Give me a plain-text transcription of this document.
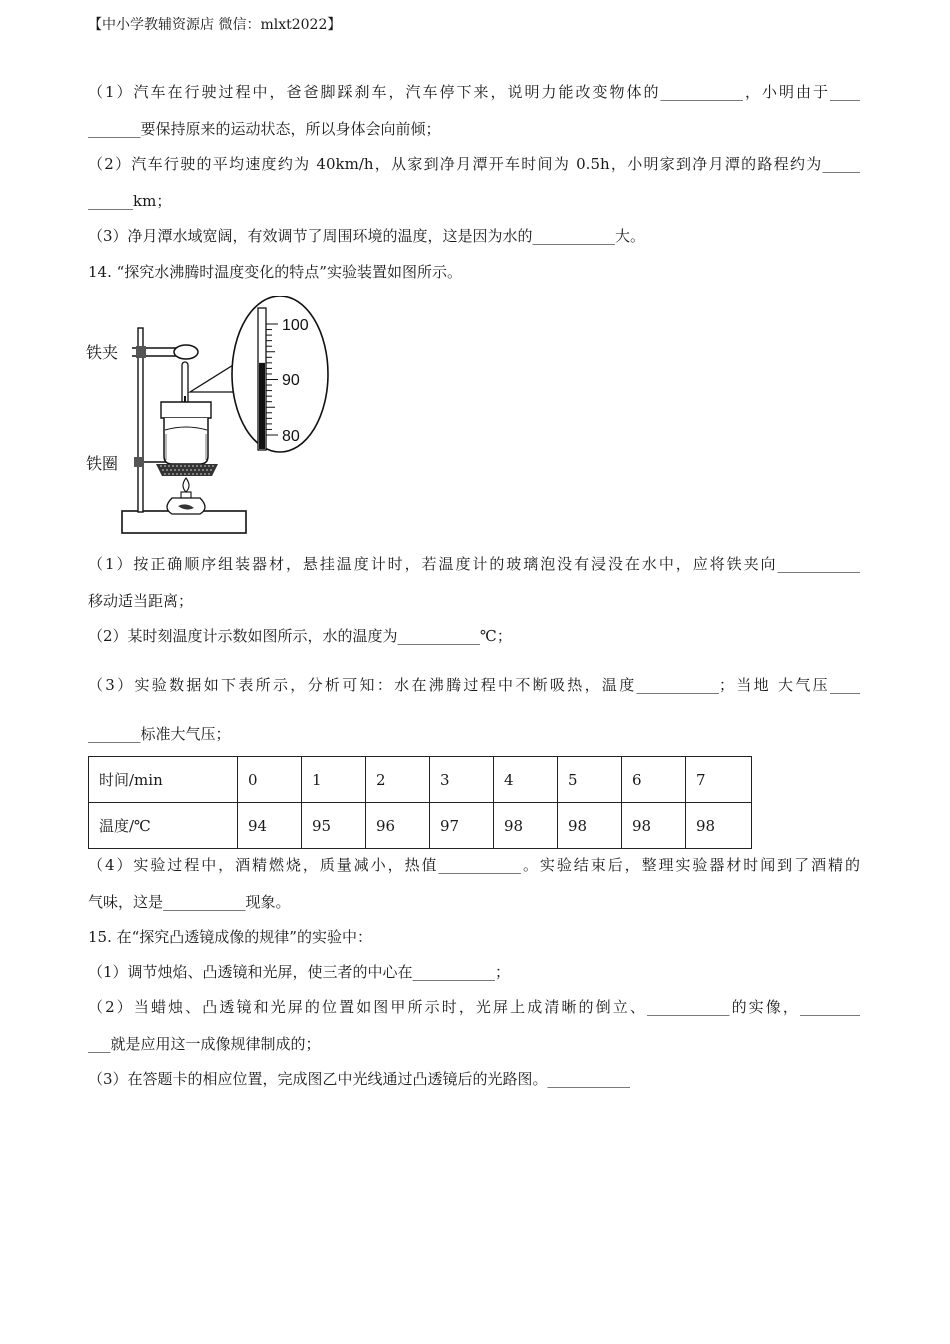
【中小学教辅资源店 微信：mlxt2022】
（1）汽车在行驶过程中，爸爸脚踩刹车，汽车停下来，说明力能改变物体的___________，小明由于____
_______要保持原来的运动状态，所以身体会向前倾；
（2）汽车行驶的平均速度约为 40km/h，从家到净月潭开车时间为 0.5h，小明家到净月潭的路程约为_____
______km；
（3）净月潭水域宽阔，有效调节了周围环境的温度，这是因为水的___________大。
14. “探究水沸腾时温度变化的特点”实验装置如图所示。
100
90
80
铁夹
铁圈
（1）按正确顺序组装器材，悬挂温度计时，若温度计的玻璃泡没有浸没在水中，应将铁夹向___________
移动适当距离；
（2）某时刻温度计示数如图所示，水的温度为___________℃；
（3）实验数据如下表所示，分析可知：水在沸腾过程中不断吸热，温度___________；当地 大气压____
_______标准大气压；
时间/min	0	1	2	3	4	5	6	7
温度/℃	94	95	96	97	98	98	98	98
（4）实验过程中，酒精燃烧，质量减小，热值___________。实验结束后，整理实验器材时闻到了酒精的
气味，这是___________现象。
15. 在“探究凸透镜成像的规律”的实验中：
（1）调节烛焰、凸透镜和光屏，使三者的中心在___________；
（2）当蜡烛、凸透镜和光屏的位置如图甲所示时，光屏上成清晰的倒立、___________的实像，________
___就是应用这一成像规律制成的；
（3）在答题卡的相应位置，完成图乙中光线通过凸透镜后的光路图。___________
